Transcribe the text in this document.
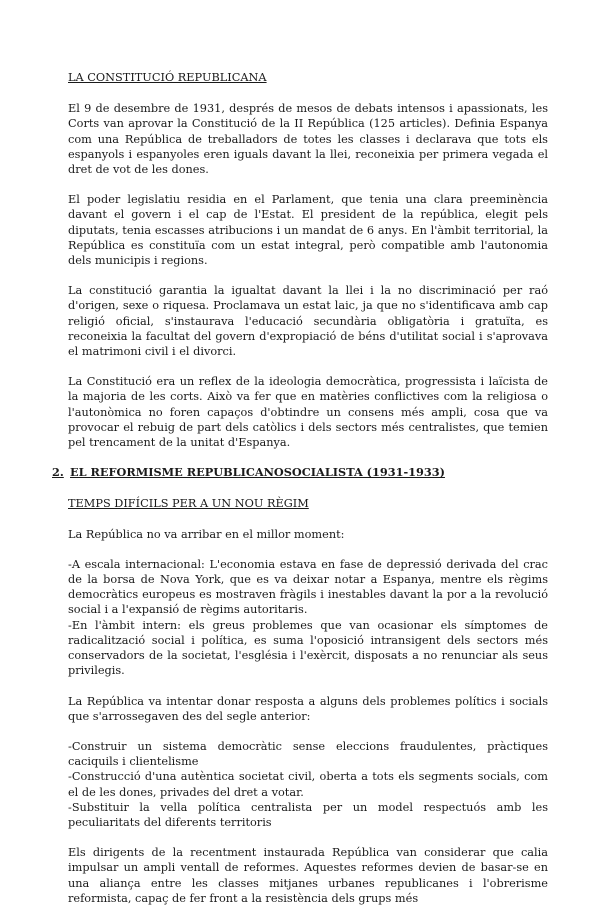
LA CONSTITUCIÓ REPUBLICANA

El 9 de desembre de 1931, després de mesos de debats intensos i apassionats, les Corts van aprovar la Constitució de la II República (125 articles). Definia Espanya com una República de treballadors de totes les classes i declarava que tots els espanyols i espanyoles eren iguals davant la llei, reconeixia per primera vegada el dret de vot de les dones.

El poder legislatiu residia en el Parlament, que tenia una clara preeminència davant el govern i el cap de l'Estat. El president de la república, elegit pels diputats, tenia escasses atribucions i un mandat de 6 anys. En l'àmbit territorial, la República es constituïa com un estat integral, però compatible amb l'autonomia dels municipis i regions.

La constitució garantia la igualtat davant la llei i la no discriminació per raó d'origen, sexe o riquesa. Proclamava un estat laic, ja que no s'identificava amb cap religió oficial, s'instaurava l'educació secundària obligatòria i gratuïta, es reconeixia la facultat del govern d'expropiació de béns d'utilitat social i s'aprovava el matrimoni civil i el divorci.

La Constitució era un reflex de la ideologia democràtica, progressista i laïcista de la majoria de les corts. Això va fer que en matèries conflictives com la religiosa o l'autonòmica no foren capaços d'obtindre un consens més ampli, cosa que va provocar el rebuig de part dels catòlics i dels sectors més centralistes, que temien pel trencament de la unitat d'Espanya.

2. EL REFORMISME REPUBLICANOSOCIALISTA (1931-1933)
TEMPS DIFÍCILS PER A UN NOU RÈGIM

La República no va arribar en el millor moment:

-A escala internacional: L'economia estava en fase de depressió derivada del crac de la borsa de Nova York, que es va deixar notar a Espanya, mentre els règims democràtics europeus es mostraven fràgils i inestables davant la por a la revolució social i a l'expansió de règims autoritaris.

-En l'àmbit intern: els greus problemes que van ocasionar els símptomes de radicalització social i política, es suma l'oposició intransigent dels sectors més conservadors de la societat, l'església i l'exèrcit, disposats a no renunciar als seus privilegis.

La República va intentar donar resposta a alguns dels problemes polítics i socials que s'arrossegaven des del segle anterior:

-Construir un sistema democràtic sense eleccions fraudulentes, pràctiques caciquils i clientelisme

-Construcció d'una autèntica societat civil, oberta a tots els segments socials, com el de les dones, privades del dret a votar.

-Substituir la vella política centralista per un model respectuós amb les peculiaritats del diferents territoris

Els dirigents de la recentment instaurada República van considerar que calia impulsar un ampli ventall de reformes. Aquestes reformes devien de basar-se en una aliança entre les classes mitjanes urbanes republicanes i l'obrerisme reformista, capaç de fer front a la resistència dels grups més
